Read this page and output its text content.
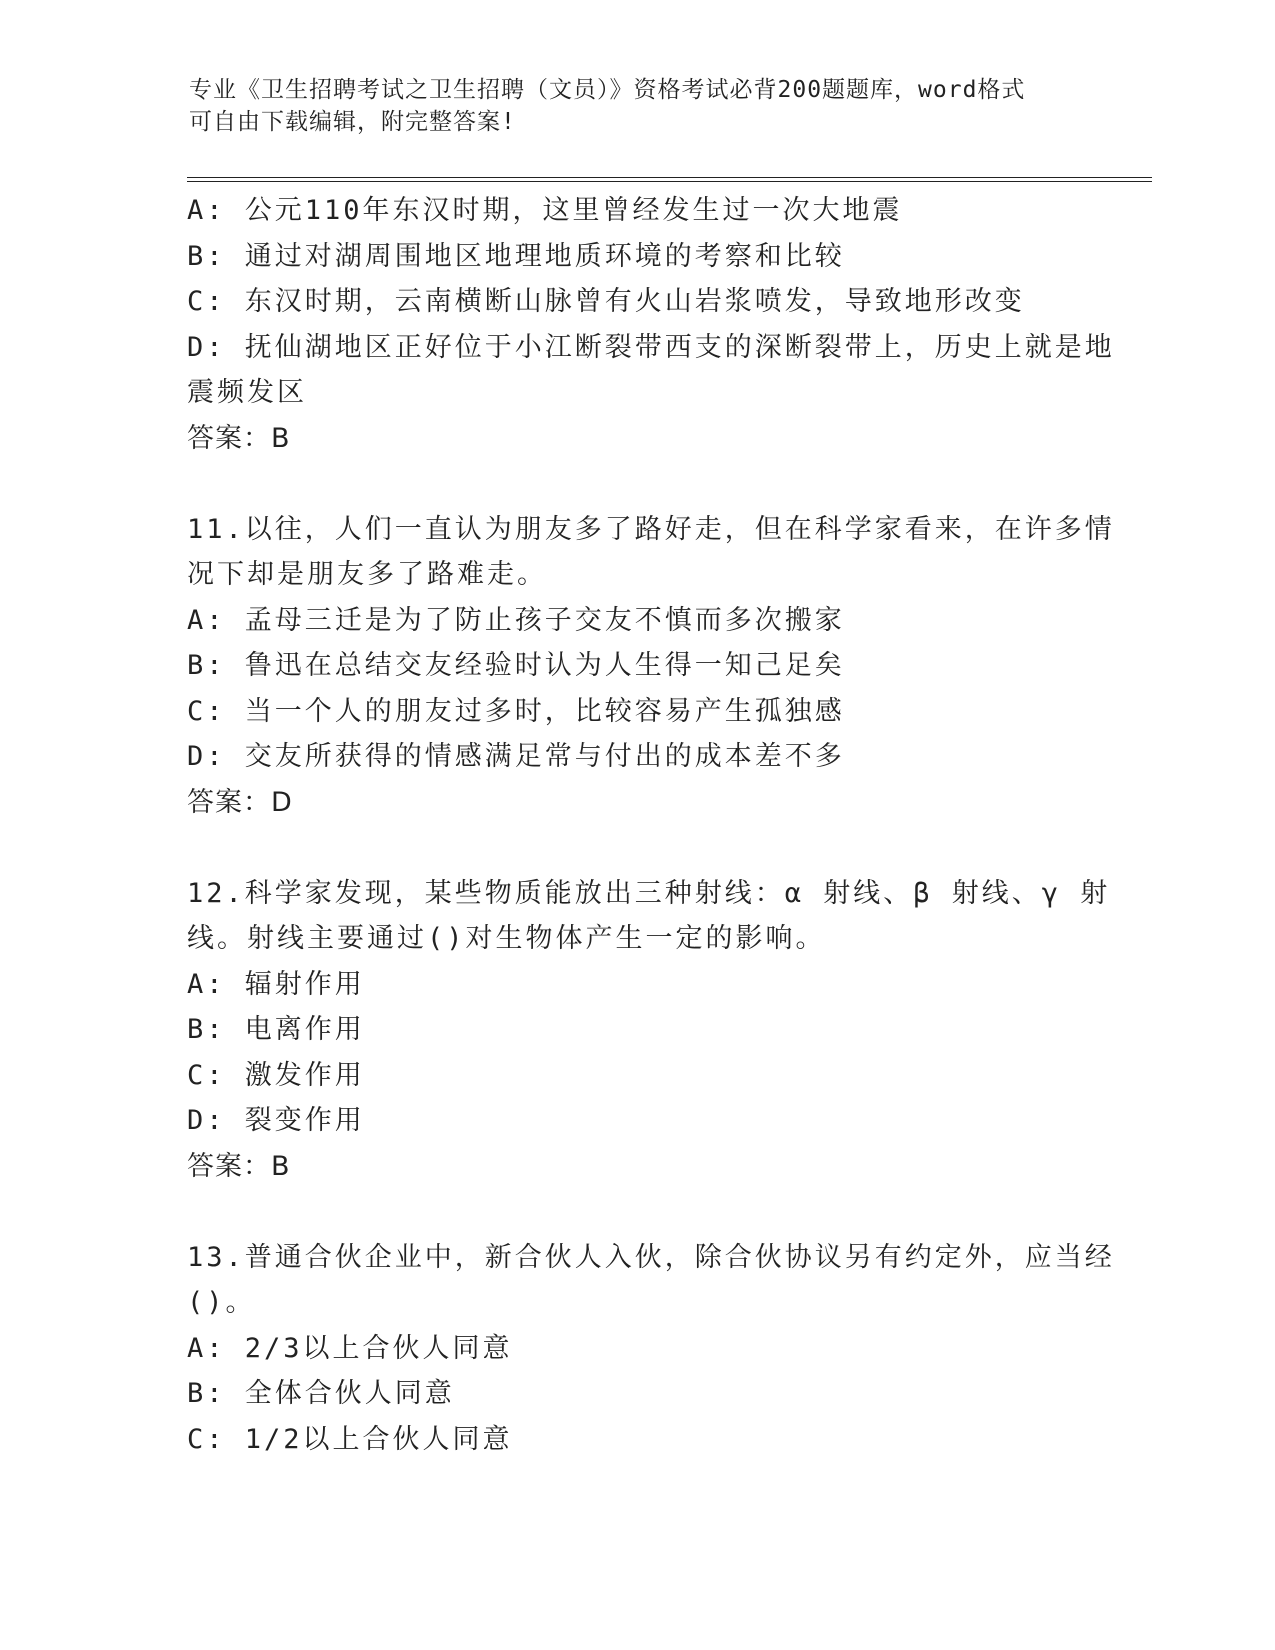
专业《卫生招聘考试之卫生招聘（文员）》资格考试必背200题题库，word格式
可自由下载编辑，附完整答案!
A: 公元110年东汉时期，这里曾经发生过一次大地震
B: 通过对湖周围地区地理地质环境的考察和比较
C: 东汉时期，云南横断山脉曾有火山岩浆喷发，导致地形改变
D: 抚仙湖地区正好位于小江断裂带西支的深断裂带上，历史上就是地
震频发区
答案：B
11.以往，人们一直认为朋友多了路好走，但在科学家看来，在许多情
况下却是朋友多了路难走。
A: 孟母三迁是为了防止孩子交友不慎而多次搬家
B: 鲁迅在总结交友经验时认为人生得一知己足矣
C: 当一个人的朋友过多时，比较容易产生孤独感
D: 交友所获得的情感满足常与付出的成本差不多
答案：D
12.科学家发现，某些物质能放出三种射线：α 射线、β 射线、γ 射
线。射线主要通过()对生物体产生一定的影响。
A: 辐射作用
B: 电离作用
C: 激发作用
D: 裂变作用
答案：B
13.普通合伙企业中，新合伙人入伙，除合伙协议另有约定外，应当经
()。
A: 2/3以上合伙人同意
B: 全体合伙人同意
C: 1/2以上合伙人同意
